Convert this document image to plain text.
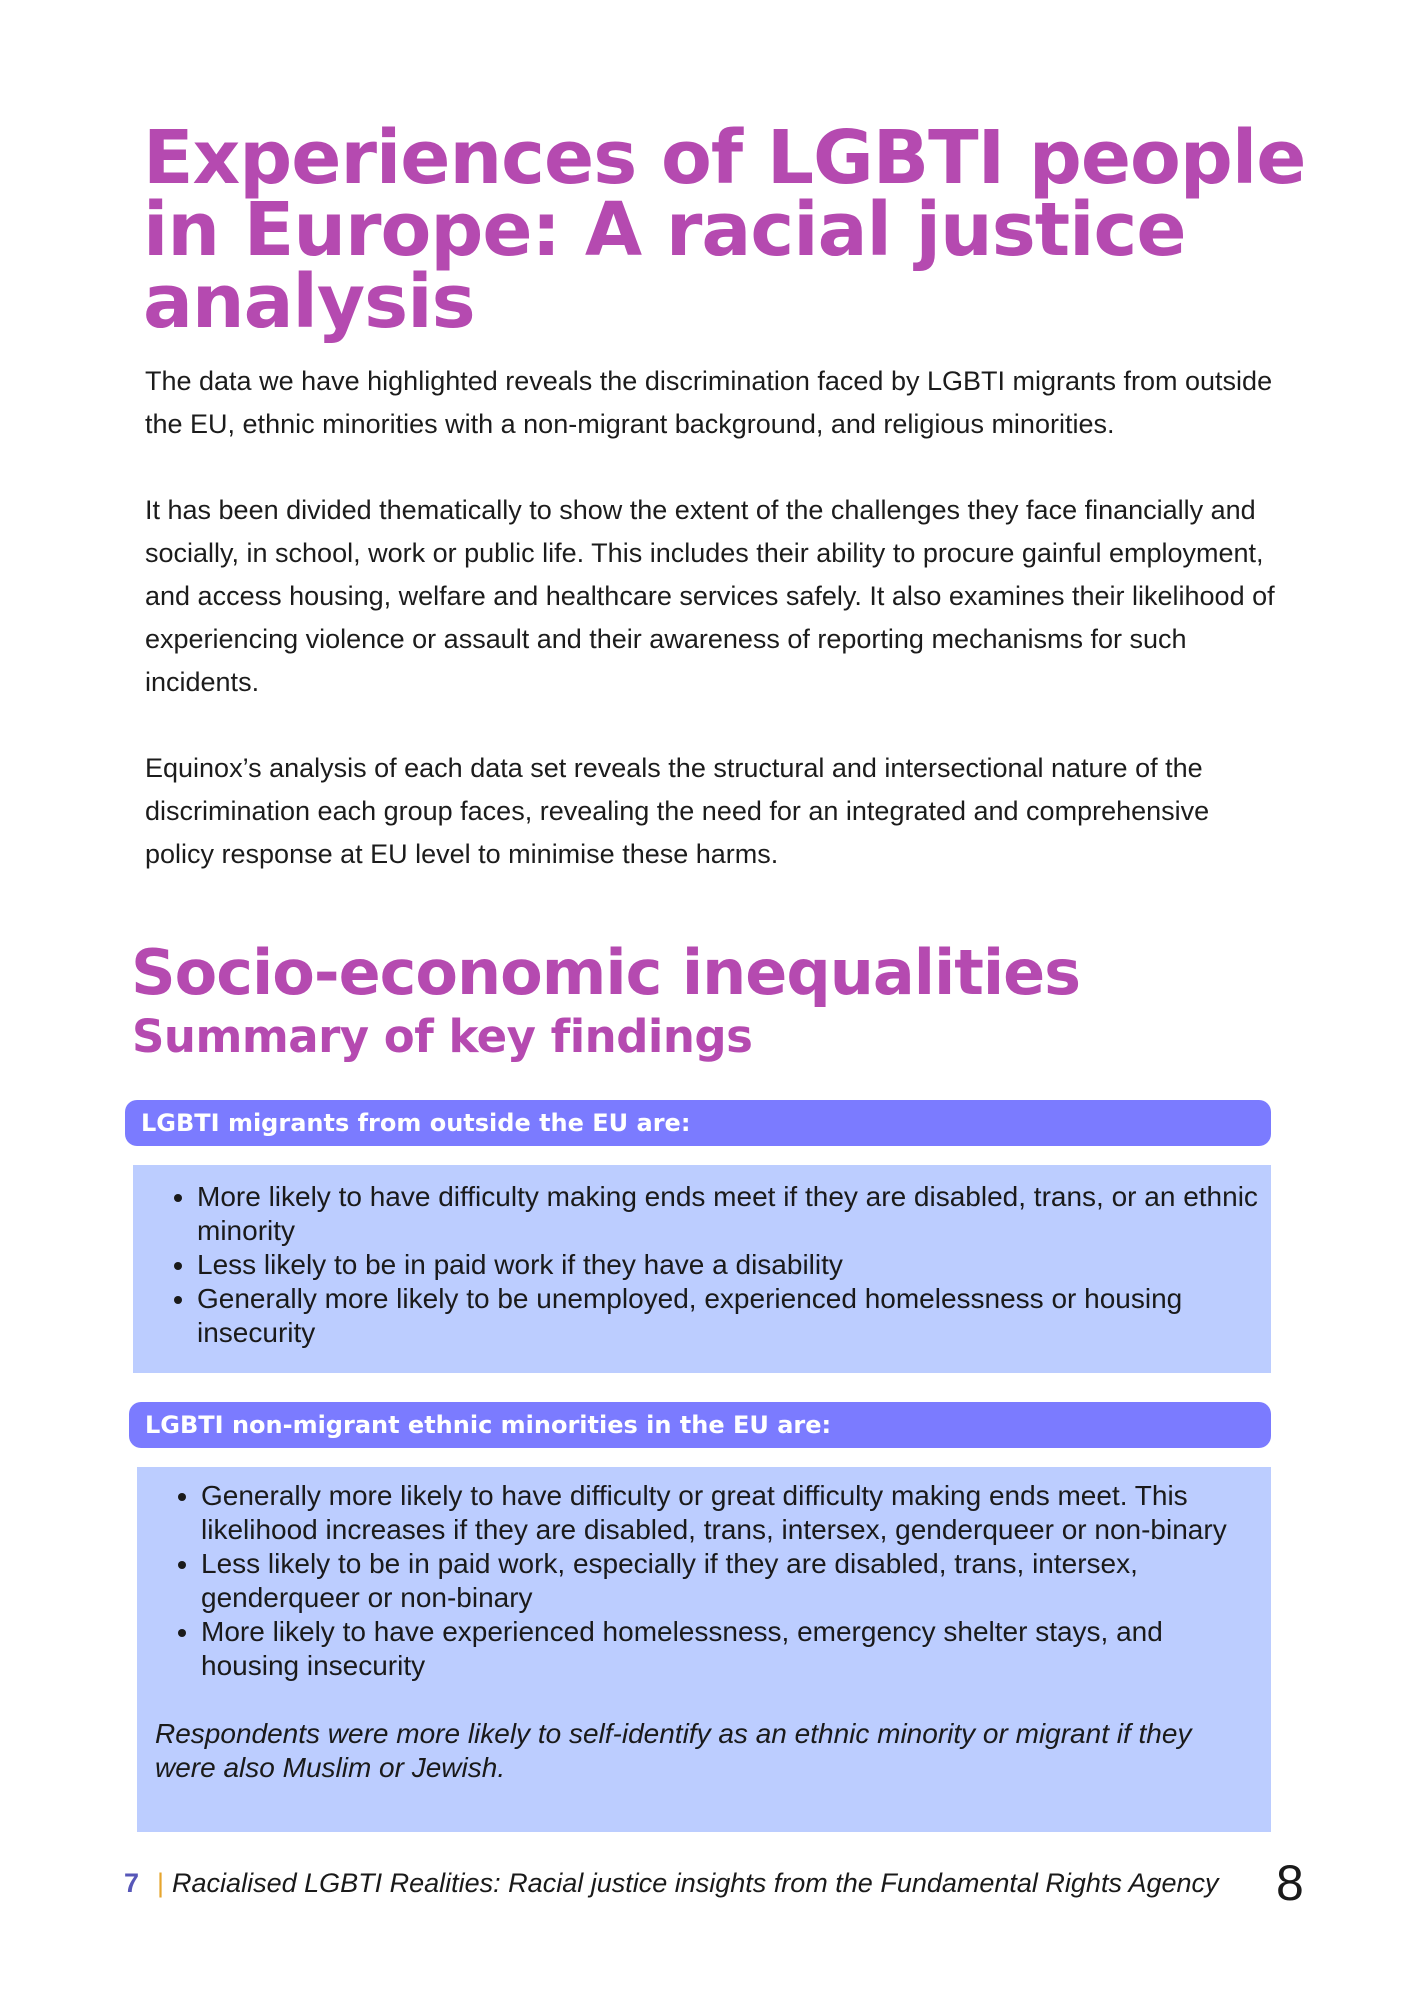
Experiences of LGBTI people in Europe: A racial justice analysis

The data we have highlighted reveals the discrimination faced by LGBTI migrants from outside the EU, ethnic minorities with a non-migrant background, and religious minorities.

It has been divided thematically to show the extent of the challenges they face financially and socially, in school, work or public life. This includes their ability to procure gainful employment, and access housing, welfare and healthcare services safely. It also examines their likelihood of experiencing violence or assault and their awareness of reporting mechanisms for such incidents.

Equinox’s analysis of each data set reveals the structural and intersectional nature of the discrimination each group faces, revealing the need for an integrated and comprehensive policy response at EU level to minimise these harms.

Socio-economic inequalities
Summary of key findings
LGBTI migrants from outside the EU are:
• More likely to have difficulty making ends meet if they are disabled, trans, or an ethnic minority
• Less likely to be in paid work if they have a disability
• Generally more likely to be unemployed, experienced homelessness or housing insecurity
LGBTI non-migrant ethnic minorities in the EU are:
• Generally more likely to have difficulty or great difficulty making ends meet. This likelihood increases if they are disabled, trans, intersex, genderqueer or non-binary
• Less likely to be in paid work, especially if they are disabled, trans, intersex, genderqueer or non-binary
• More likely to have experienced homelessness, emergency shelter stays, and housing insecurity

Respondents were more likely to self-identify as an ethnic minority or migrant if they were also Muslim or Jewish.

7 | Racialised LGBTI Realities: Racial justice insights from the Fundamental Rights Agency	8
